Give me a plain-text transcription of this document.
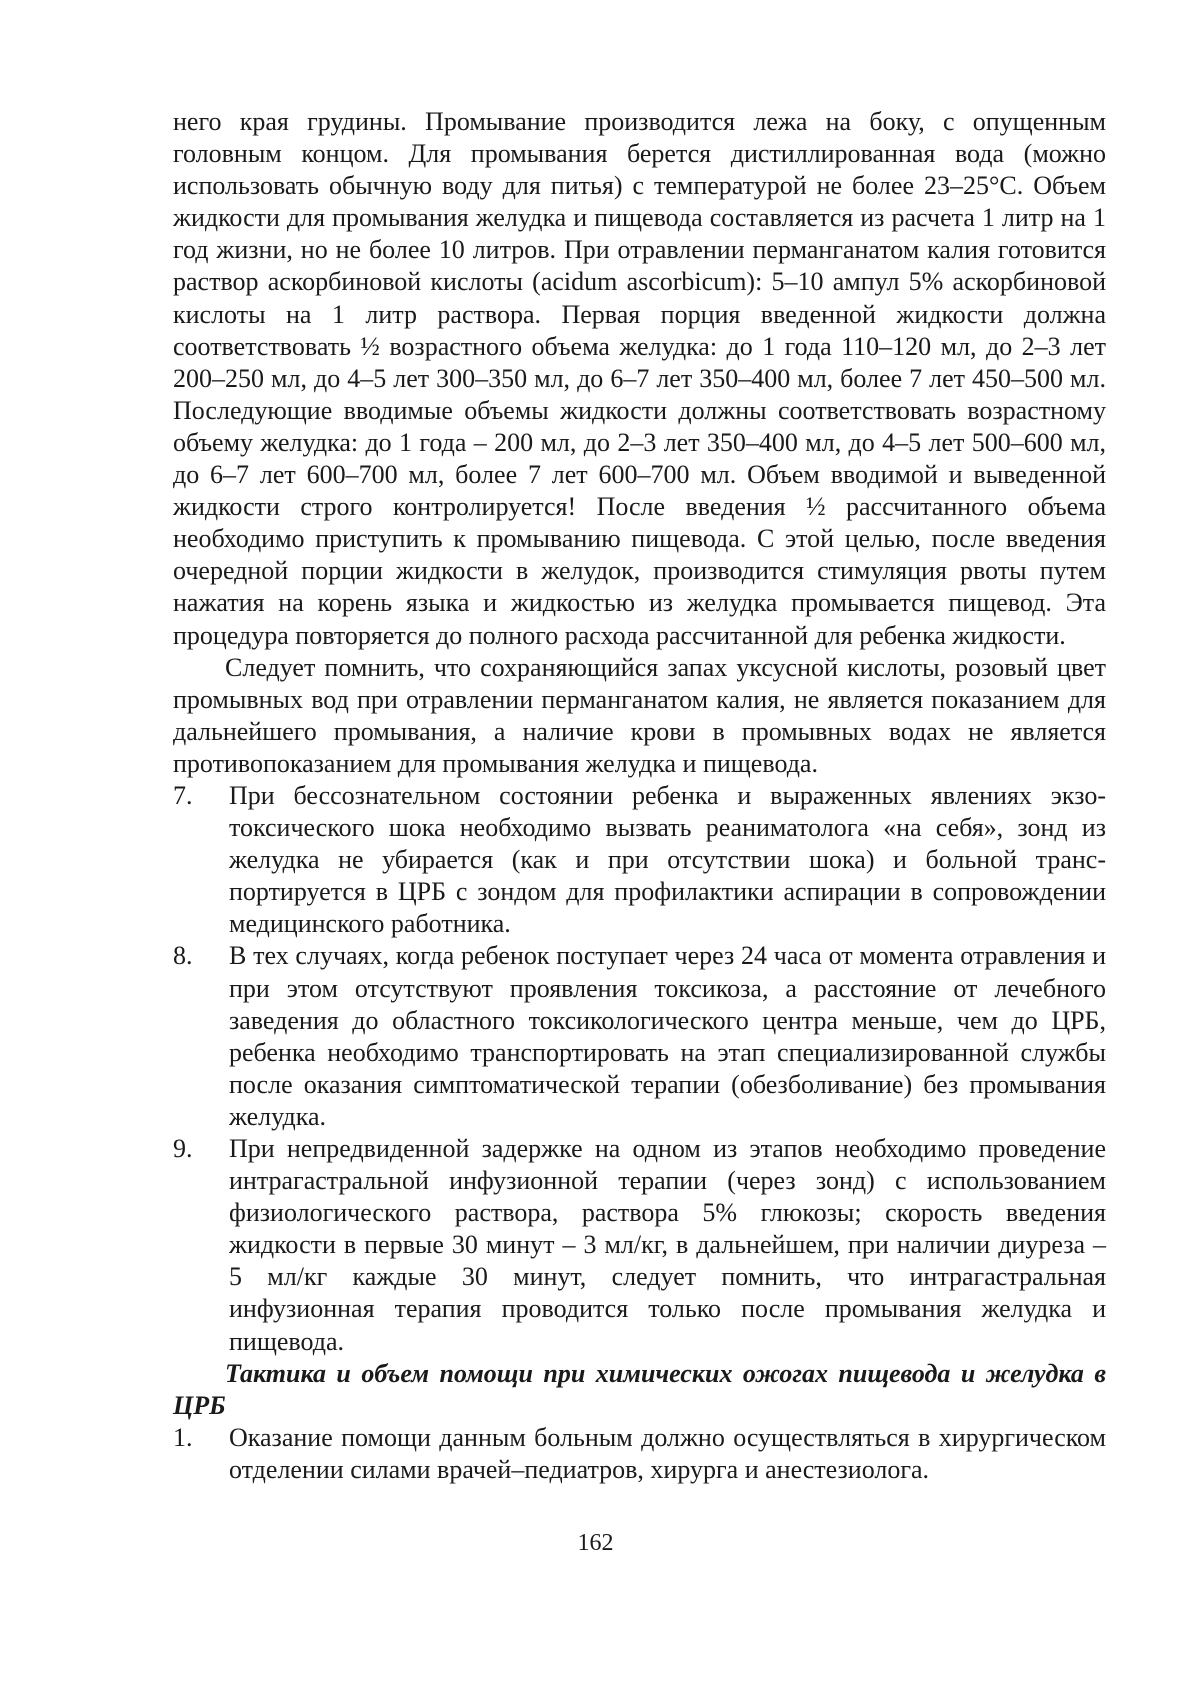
него края грудины. Промывание производится лежа на боку, с опущенным головным концом. Для промывания берется дистиллированная вода (можно использовать обычную воду для питья) с температурой не более 23–25°С. Объем жидкости для промывания желудка и пищевода составляется из расчета 1 литр на 1 год жизни, но не более 10 литров. При отравлении перманганатом калия готовится раствор аскорбиновой кислоты (acidum ascorbicum): 5–10 ампул 5% аскорбиновой кислоты на 1 литр раствора. Первая порция введенной жидкости должна соответствовать ½ возрастного объема желудка: до 1 года 110–120 мл, до 2–3 лет 200–250 мл, до 4–5 лет 300–350 мл, до 6–7 лет 350–400 мл, более 7 лет 450–500 мл. Последующие вводимые объемы жидкости должны соответствовать возрастному объему желудка: до 1 года – 200 мл, до 2–3 лет 350–400 мл, до 4–5 лет 500–600 мл, до 6–7 лет 600–700 мл, более 7 лет 600–700 мл. Объем вводимой и выведенной жидкости строго контролируется! После введения ½ рассчитанного объема необходимо приступить к промыванию пищевода. С этой целью, после введения очередной порции жидкости в желудок, производится стимуляция рвоты путем нажатия на корень языка и жидкостью из желудка промывается пищевод. Эта процедура повторяется до полного расхода рассчитанной для ребенка жидкости.

Следует помнить, что сохраняющийся запах уксусной кислоты, розовый цвет промывных вод при отравлении перманганатом калия, не является показанием для дальнейшего промывания, а наличие крови в промывных водах не является противопоказанием для промывания желудка и пищевода.

7.	При бессознательном состоянии ребенка и выраженных явлениях экзотоксического шока необходимо вызвать реаниматолога «на себя», зонд из желудка не убирается (как и при отсутствии шока) и больной транспортируется в ЦРБ с зондом для профилактики аспирации в сопровождении медицинского работника.
8.	В тех случаях, когда ребенок поступает через 24 часа от момента отравления и при этом отсутствуют проявления токсикоза, а расстояние от лечебного заведения до областного токсикологического центра меньше, чем до ЦРБ, ребенка необходимо транспортировать на этап специализированной службы после оказания симптоматической терапии (обезболивание) без промывания желудка.
9.	При непредвиденной задержке на одном из этапов необходимо проведение интрагастральной инфузионной терапии (через зонд) с использованием физиологического раствора, раствора 5% глюкозы; скорость введения жидкости в первые 30 минут – 3 мл/кг, в дальнейшем, при наличии диуреза – 5 мл/кг каждые 30 минут, следует помнить, что интрагастральная инфузионная терапия проводится только после промывания желудка и пищевода.

Тактика и объем помощи при химических ожогах пищевода и желудка в ЦРБ

1.	Оказание помощи данным больным должно осуществляться в хирургическом отделении силами врачей–педиатров, хирурга и анестезиолога.
162
